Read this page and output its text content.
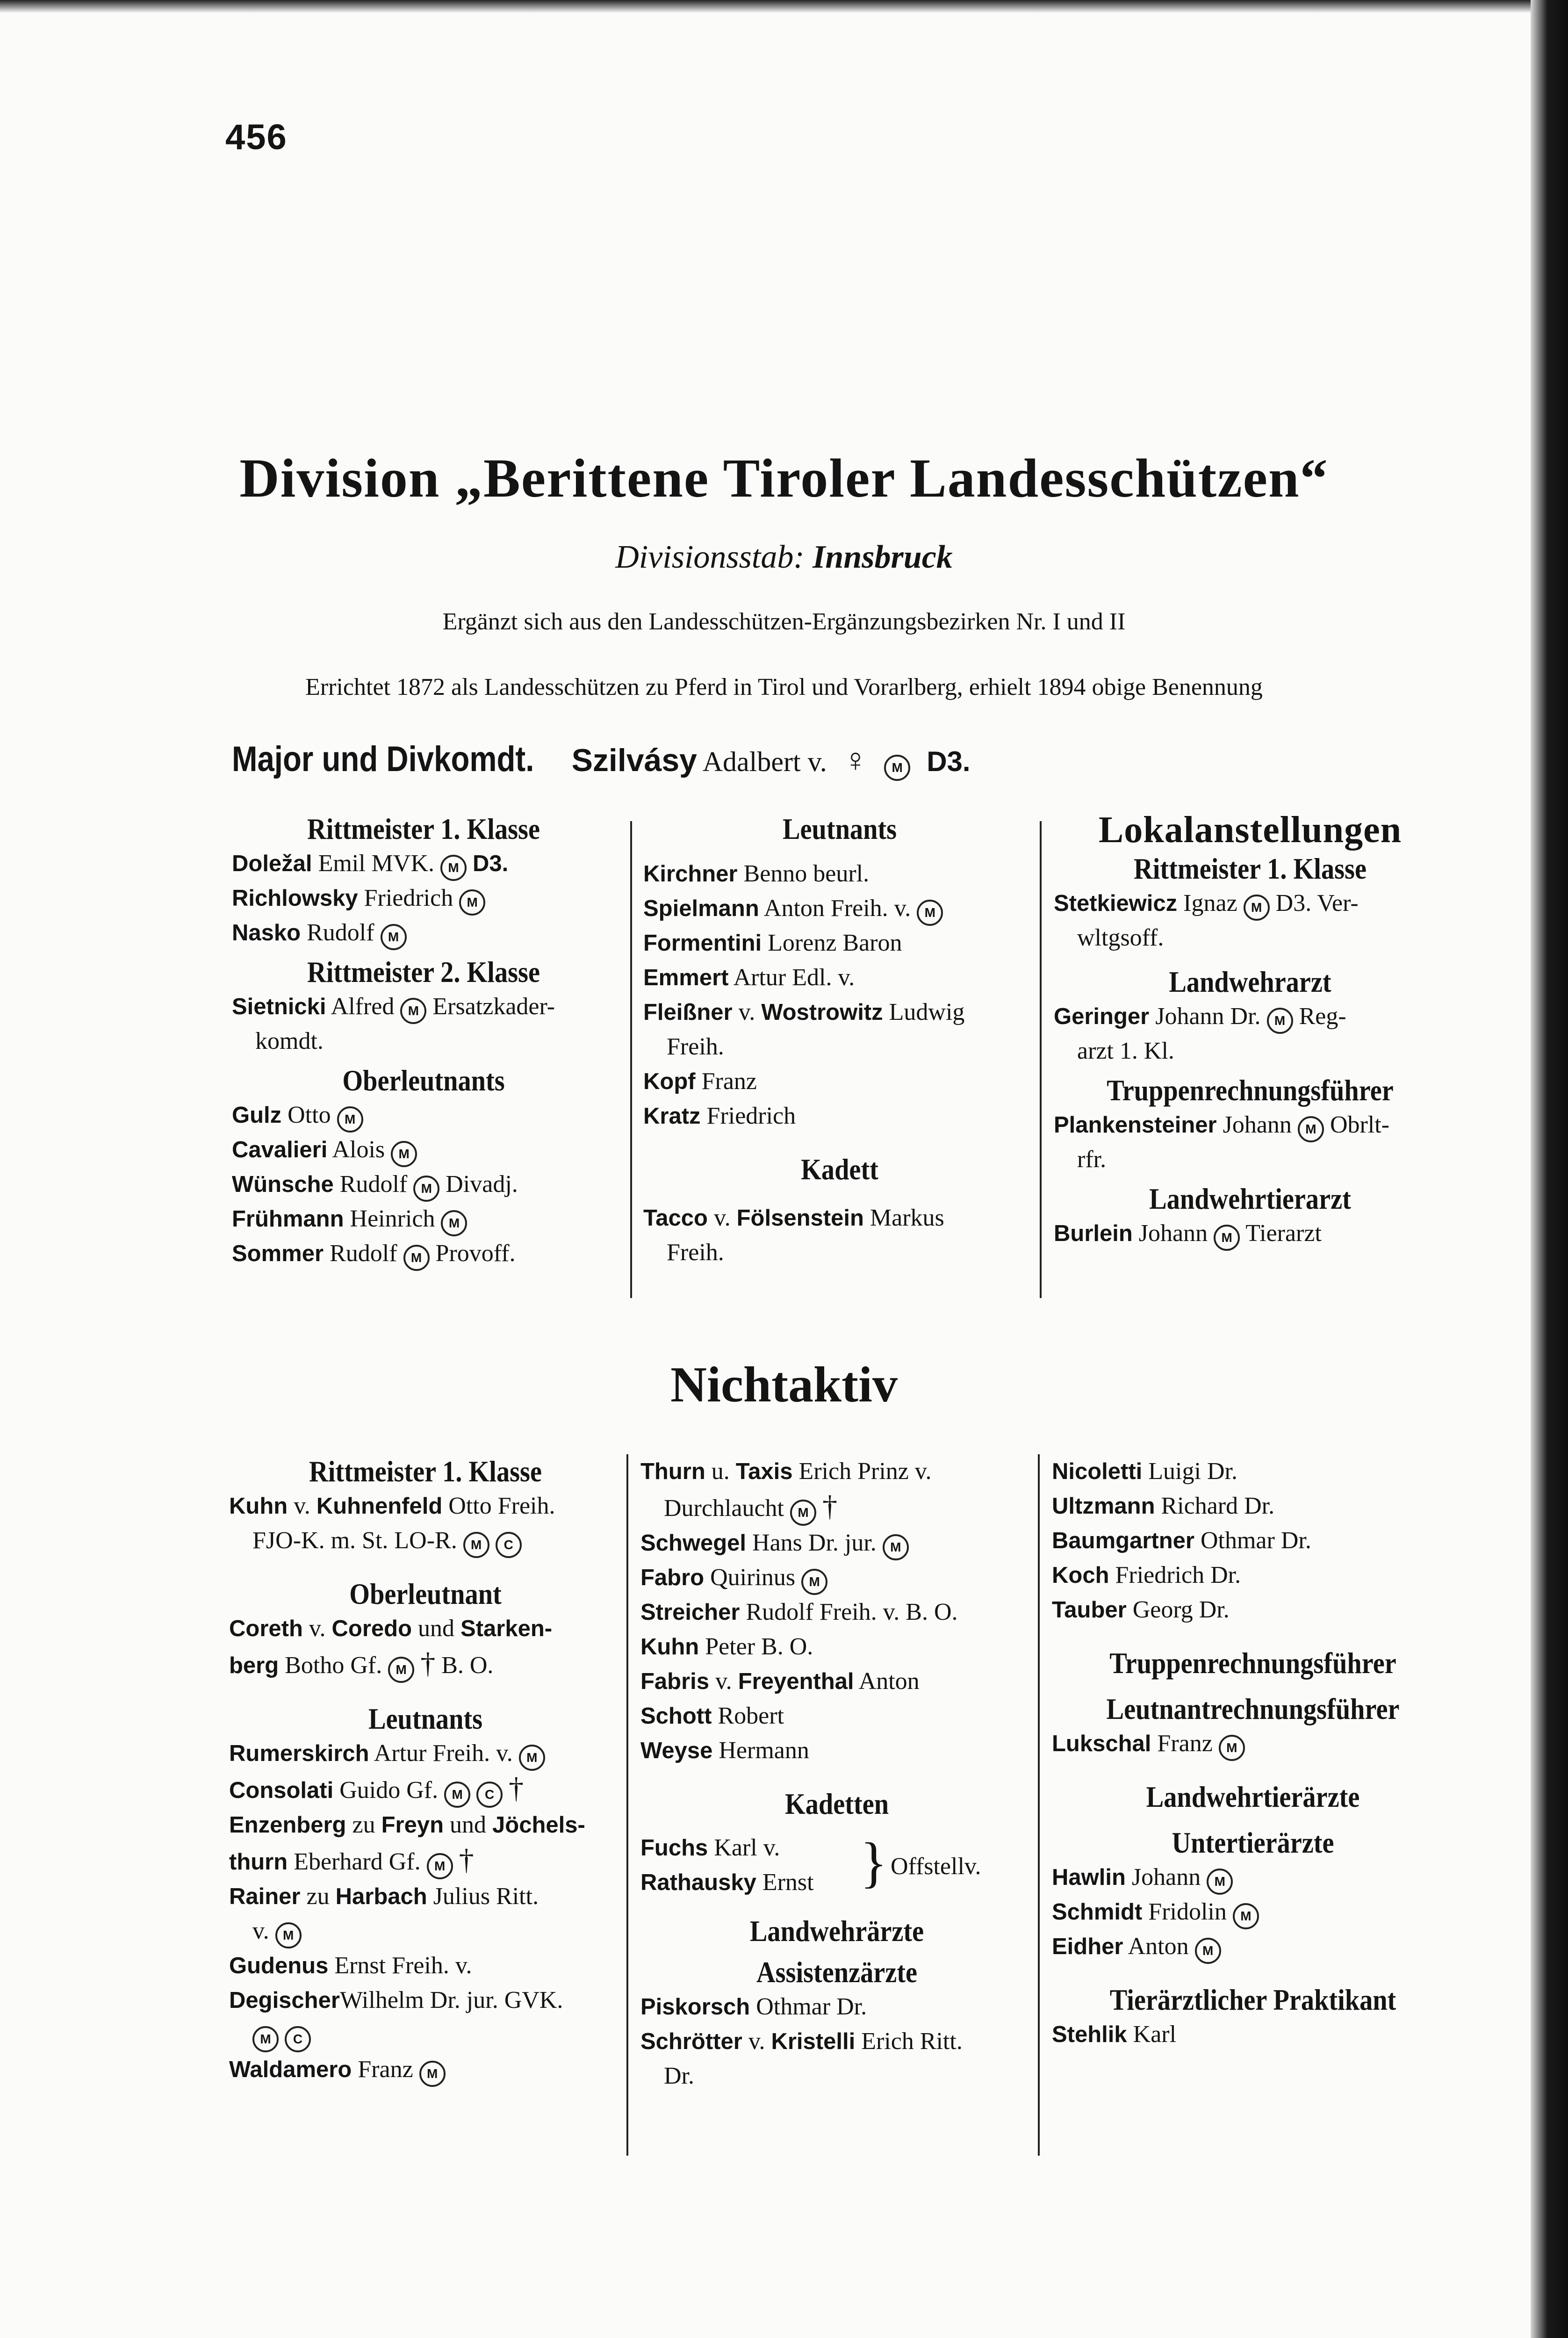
456
Division „Berittene Tiroler Landesschützen“
Divisionsstab: Innsbruck
Ergänzt sich aus den Landesschützen-Ergänzungsbezirken Nr. I und II
Errichtet 1872 als Landesschützen zu Pferd in Tirol und Vorarlberg, erhielt 1894 obige Benennung
Major und Divkomdt. Szilvásy Adalbert v. ♀ M D3.
Rittmeister 1. Klasse
Doležal Emil MVK. M D3.
Richlowsky Friedrich M
Nasko Rudolf M
Rittmeister 2. Klasse
Sietnicki Alfred M Ersatzkader-
komdt.
Oberleutnants
Gulz Otto M
Cavalieri Alois M
Wünsche Rudolf M Divadj.
Frühmann Heinrich M
Sommer Rudolf M Provoff.
Leutnants
Kirchner Benno beurl.
Spielmann Anton Freih. v. M
Formentini Lorenz Baron
Emmert Artur Edl. v.
Fleißner v. Wostrowitz Ludwig
Freih.
Kopf Franz
Kratz Friedrich
Kadett
Tacco v. Fölsenstein Markus
Freih.
Lokalanstellungen
Rittmeister 1. Klasse
Stetkiewicz Ignaz M D3. Ver-
wltgsoff.
Landwehrarzt
Geringer Johann Dr. M Reg-
arzt 1. Kl.
Truppenrechnungsführer
Plankensteiner Johann M Obrlt-
rfr.
Landwehrtierarzt
Burlein Johann M Tierarzt
Nichtaktiv
Rittmeister 1. Klasse
Kuhn v. Kuhnenfeld Otto Freih.
FJO-K. m. St. LO-R. M C
Oberleutnant
Coreth v. Coredo und Starken-
berg Botho Gf. M † B. O.
Leutnants
Rumerskirch Artur Freih. v. M
Consolati Guido Gf. M C †
Enzenberg zu Freyn und Jöchels-
thurn Eberhard Gf. M †
Rainer zu Harbach Julius Ritt.
v. M
Gudenus Ernst Freih. v.
DegischerWilhelm Dr. jur. GVK.
M C
Waldamero Franz M
Thurn u. Taxis Erich Prinz v.
Durchlaucht M †
Schwegel Hans Dr. jur. M
Fabro Quirinus M
Streicher Rudolf Freih. v. B. O.
Kuhn Peter B. O.
Fabris v. Freyenthal Anton
Schott Robert
Weyse Hermann
Kadetten
Fuchs Karl v.
Rathausky Ernst } Offstellv.
Landwehrärzte
Assistenzärzte
Piskorsch Othmar Dr.
Schrötter v. Kristelli Erich Ritt.
Dr.
Nicoletti Luigi Dr.
Ultzmann Richard Dr.
Baumgartner Othmar Dr.
Koch Friedrich Dr.
Tauber Georg Dr.
Truppenrechnungsführer
Leutnantrechnungsführer
Lukschal Franz M
Landwehrtierärzte
Untertierärzte
Hawlin Johann M
Schmidt Fridolin M
Eidher Anton M
Tierärztlicher Praktikant
Stehlik Karl
